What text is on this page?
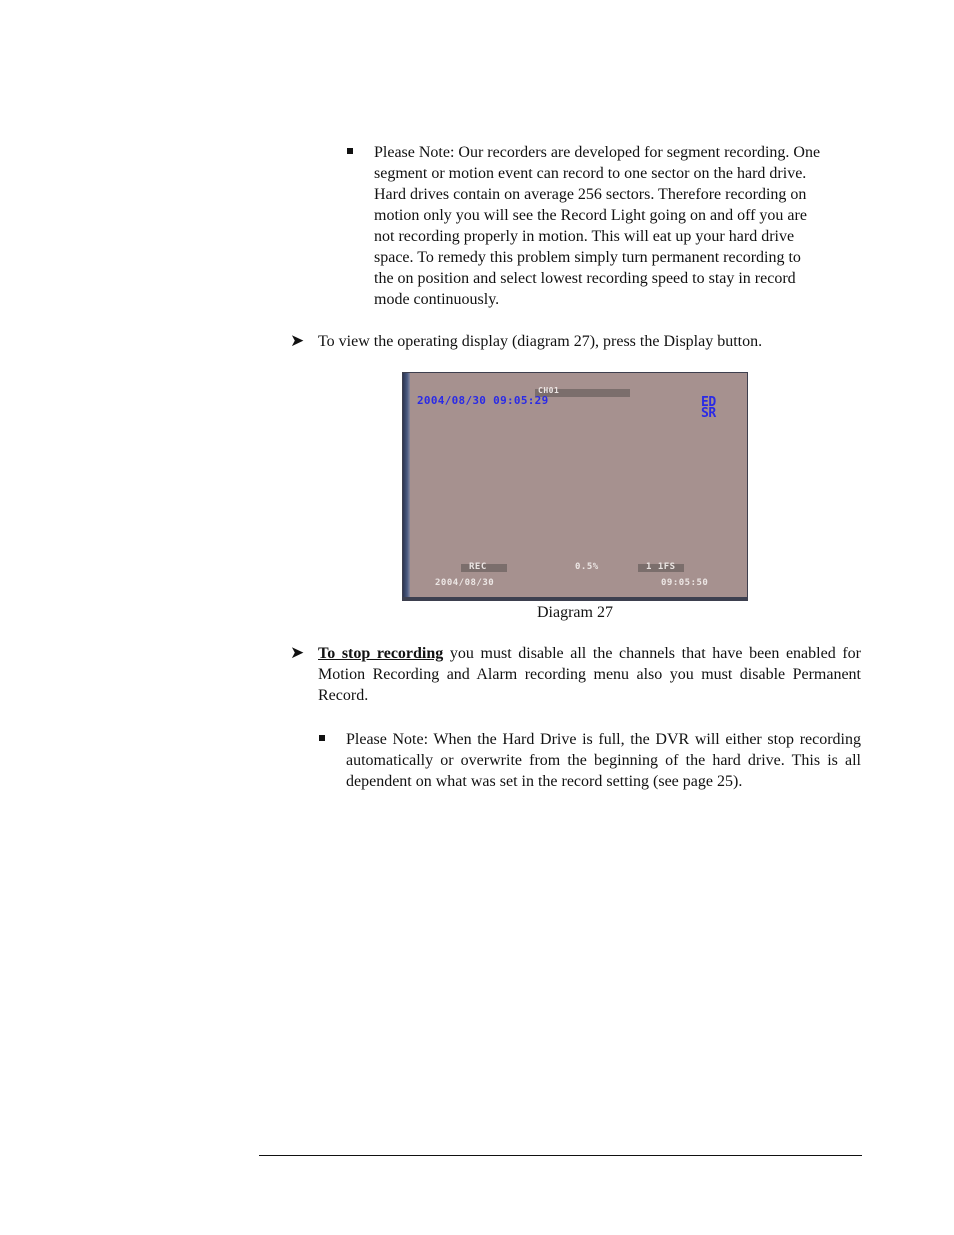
Please Note: Our recorders are developed for segment recording. One
segment or motion event can record to one sector on the hard drive.
Hard drives contain on average 256 sectors. Therefore recording on
motion only you will see the Record Light going on and off you are
not recording properly in motion. This will eat up your hard drive
space. To remedy this problem simply turn permanent recording to
the on position and select lowest recording speed to stay in record
mode continuously.
➤ To view the operating display (diagram 27), press the Display button.
CH01
2004/08/30 09:05:29	ED
SR
REC	0.5%	1 1FS
2004/08/30	09:05:50
Diagram 27
➤ To stop recording you must disable all the channels that have been enabled for Motion Recording and Alarm recording menu also you must disable Permanent Record.

Please Note: When the Hard Drive is full, the DVR will either stop recording automatically or overwrite from the beginning of the hard drive. This is all dependent on what was set in the record setting (see page 25).
